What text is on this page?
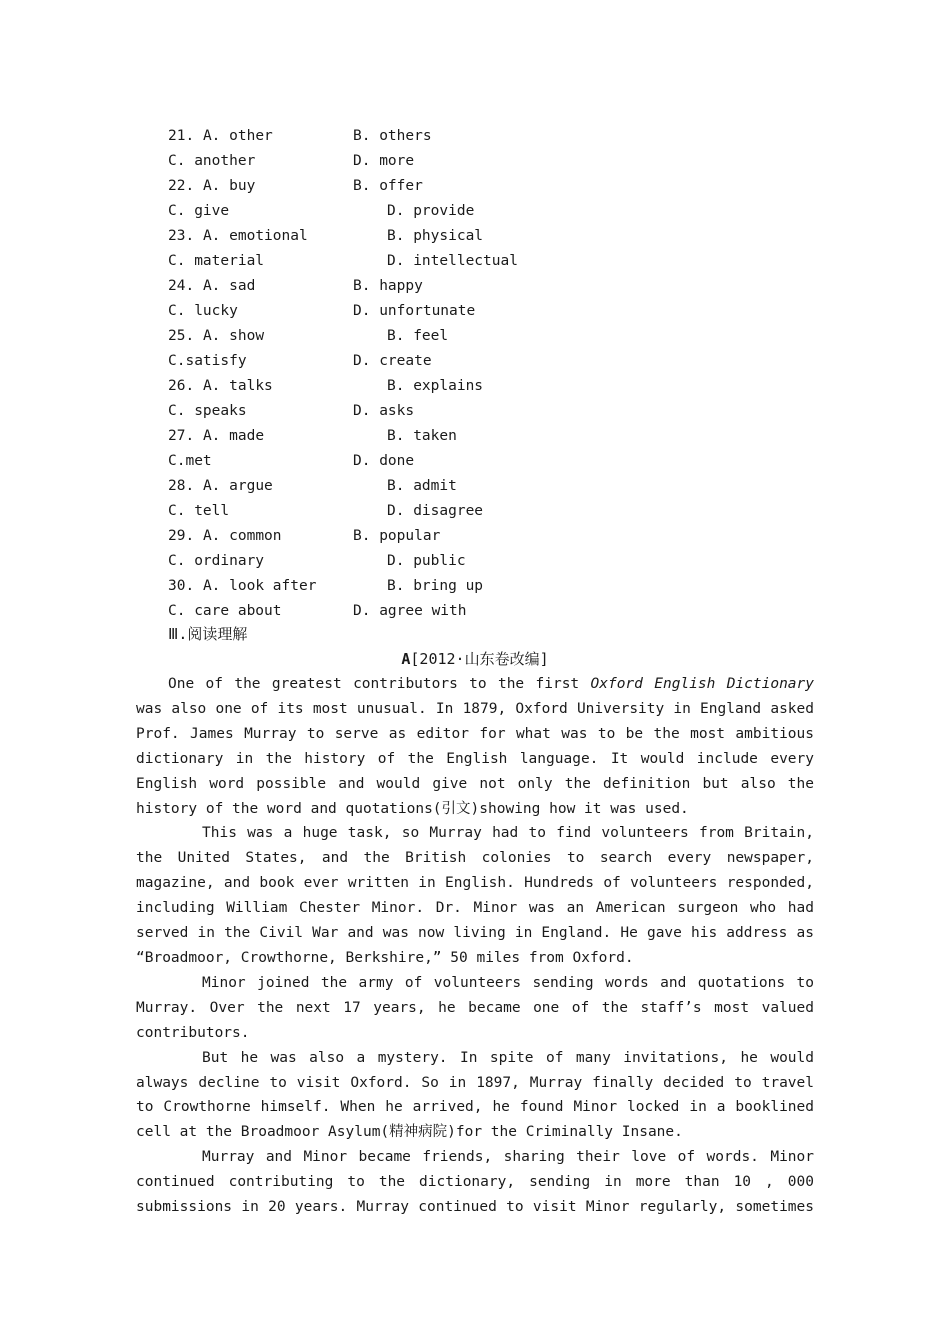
21. A. other	B. others
C. another	D. more
22. A. buy	B. offer
C. give	D. provide
23. A. emotional	B. physical
C. material	D. intellectual
24. A. sad	B. happy
C. lucky	D. unfortunate
25. A. show	B. feel
C.satisfy	D. create
26. A. talks	B. explains
C. speaks	D. asks
27. A. made	B. taken
C.met	D. done
28. A. argue	B. admit
C. tell	D. disagree
29. A. common	B. popular
C. ordinary	D. public
30. A. look after	B. bring up
C. care about	D. agree with
Ⅲ.阅读理解
A[2012·山东卷改编]

One of the greatest contributors to the first Oxford English Dictionary was also one of its most unusual. In 1879, Oxford University in England asked Prof. James Murray to serve as editor for what was to be the most ambitious dictionary in the history of the English language. It would include every English word possible and would give not only the definition but also the history of the word and quotations(引文)showing how it was used.

This was a huge task, so Murray had to find volunteers from Britain, the United States, and the British colonies to search every newspaper, magazine, and book ever written in English. Hundreds of volunteers responded, including William Chester Minor. Dr. Minor was an American surgeon who had served in the Civil War and was now living in England. He gave his address as “Broadmoor, Crowthorne, Berkshire,” 50 miles from Oxford.

Minor joined the army of volunteers sending words and quotations to Murray. Over the next 17 years, he became one of the staff’s most valued contributors.

But he was also a mystery. In spite of many invitations, he would always decline to visit Oxford. So in 1897, Murray finally decided to travel to Crowthorne himself. When he arrived, he found Minor locked in a booklined cell at the Broadmoor Asylum(精神病院)for the Criminally Insane.

Murray and Minor became friends, sharing their love of words. Minor continued contributing to the dictionary, sending in more than 10 , 000 submissions in 20 years. Murray continued to visit Minor regularly, sometimes
